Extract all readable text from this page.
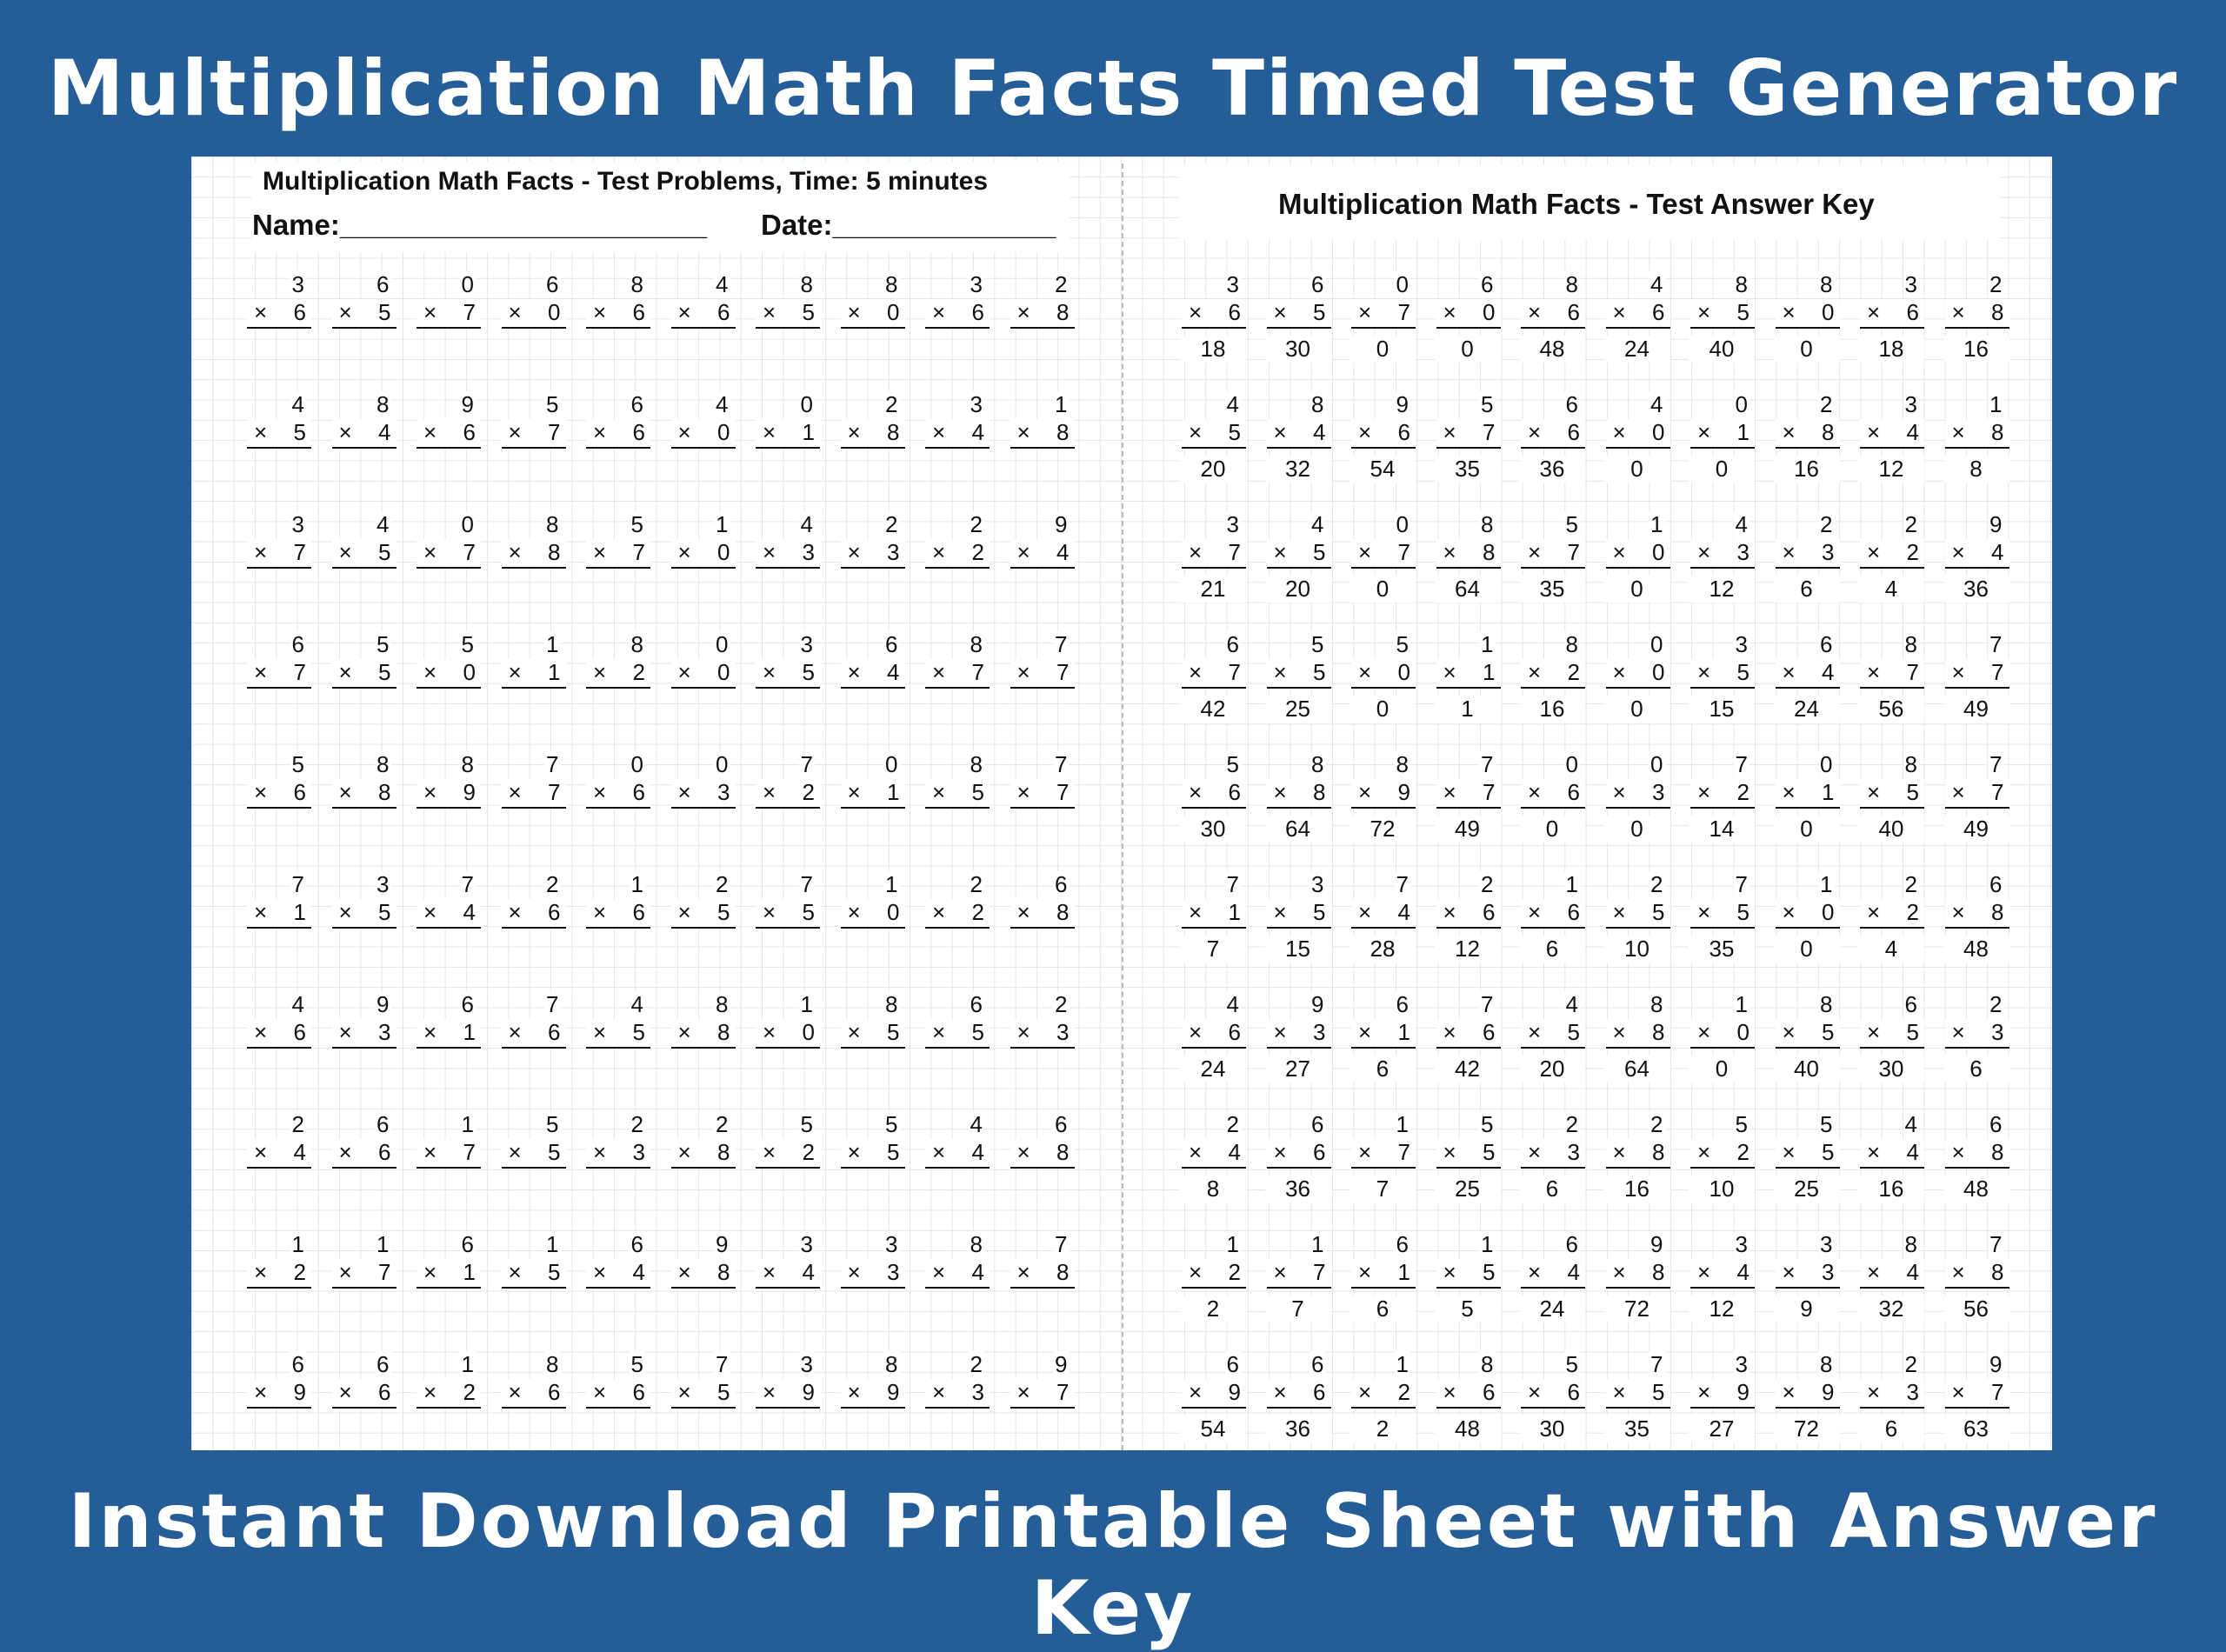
Multiplication Math Facts Timed Test Generator
Multiplication Math Facts - Test Problems, Time: 5 minutes
Name:_______________________ Date:______________
Multiplication Math Facts - Test Answer Key
3
× 6
6
× 5
0
× 7
6
× 0
8
× 6
4
× 6
8
× 5
8
× 0
3
× 6
2
× 8
4
× 5
8
× 4
9
× 6
5
× 7
6
× 6
4
× 0
0
× 1
2
× 8
3
× 4
1
× 8
3
× 7
4
× 5
0
× 7
8
× 8
5
× 7
1
× 0
4
× 3
2
× 3
2
× 2
9
× 4
6
× 7
5
× 5
5
× 0
1
× 1
8
× 2
0
× 0
3
× 5
6
× 4
8
× 7
7
× 7
5
× 6
8
× 8
8
× 9
7
× 7
0
× 6
0
× 3
7
× 2
0
× 1
8
× 5
7
× 7
7
× 1
3
× 5
7
× 4
2
× 6
1
× 6
2
× 5
7
× 5
1
× 0
2
× 2
6
× 8
4
× 6
9
× 3
6
× 1
7
× 6
4
× 5
8
× 8
1
× 0
8
× 5
6
× 5
2
× 3
2
× 4
6
× 6
1
× 7
5
× 5
2
× 3
2
× 8
5
× 2
5
× 5
4
× 4
6
× 8
1
× 2
1
× 7
6
× 1
1
× 5
6
× 4
9
× 8
3
× 4
3
× 3
8
× 4
7
× 8
6
× 9
6
× 6
1
× 2
8
× 6
5
× 6
7
× 5
3
× 9
8
× 9
2
× 3
9
× 7
3
× 6
18
6
× 5
30
0
× 7
0
6
× 0
0
8
× 6
48
4
× 6
24
8
× 5
40
8
× 0
0
3
× 6
18
2
× 8
16
4
× 5
20
8
× 4
32
9
× 6
54
5
× 7
35
6
× 6
36
4
× 0
0
0
× 1
0
2
× 8
16
3
× 4
12
1
× 8
8
3
× 7
21
4
× 5
20
0
× 7
0
8
× 8
64
5
× 7
35
1
× 0
0
4
× 3
12
2
× 3
6
2
× 2
4
9
× 4
36
6
× 7
42
5
× 5
25
5
× 0
0
1
× 1
1
8
× 2
16
0
× 0
0
3
× 5
15
6
× 4
24
8
× 7
56
7
× 7
49
5
× 6
30
8
× 8
64
8
× 9
72
7
× 7
49
0
× 6
0
0
× 3
0
7
× 2
14
0
× 1
0
8
× 5
40
7
× 7
49
7
× 1
7
3
× 5
15
7
× 4
28
2
× 6
12
1
× 6
6
2
× 5
10
7
× 5
35
1
× 0
0
2
× 2
4
6
× 8
48
4
× 6
24
9
× 3
27
6
× 1
6
7
× 6
42
4
× 5
20
8
× 8
64
1
× 0
0
8
× 5
40
6
× 5
30
2
× 3
6
2
× 4
8
6
× 6
36
1
× 7
7
5
× 5
25
2
× 3
6
2
× 8
16
5
× 2
10
5
× 5
25
4
× 4
16
6
× 8
48
1
× 2
2
1
× 7
7
6
× 1
6
1
× 5
5
6
× 4
24
9
× 8
72
3
× 4
12
3
× 3
9
8
× 4
32
7
× 8
56
6
× 9
54
6
× 6
36
1
× 2
2
8
× 6
48
5
× 6
30
7
× 5
35
3
× 9
27
8
× 9
72
2
× 3
6
9
× 7
63
Instant Download Printable Sheet with Answer Key
